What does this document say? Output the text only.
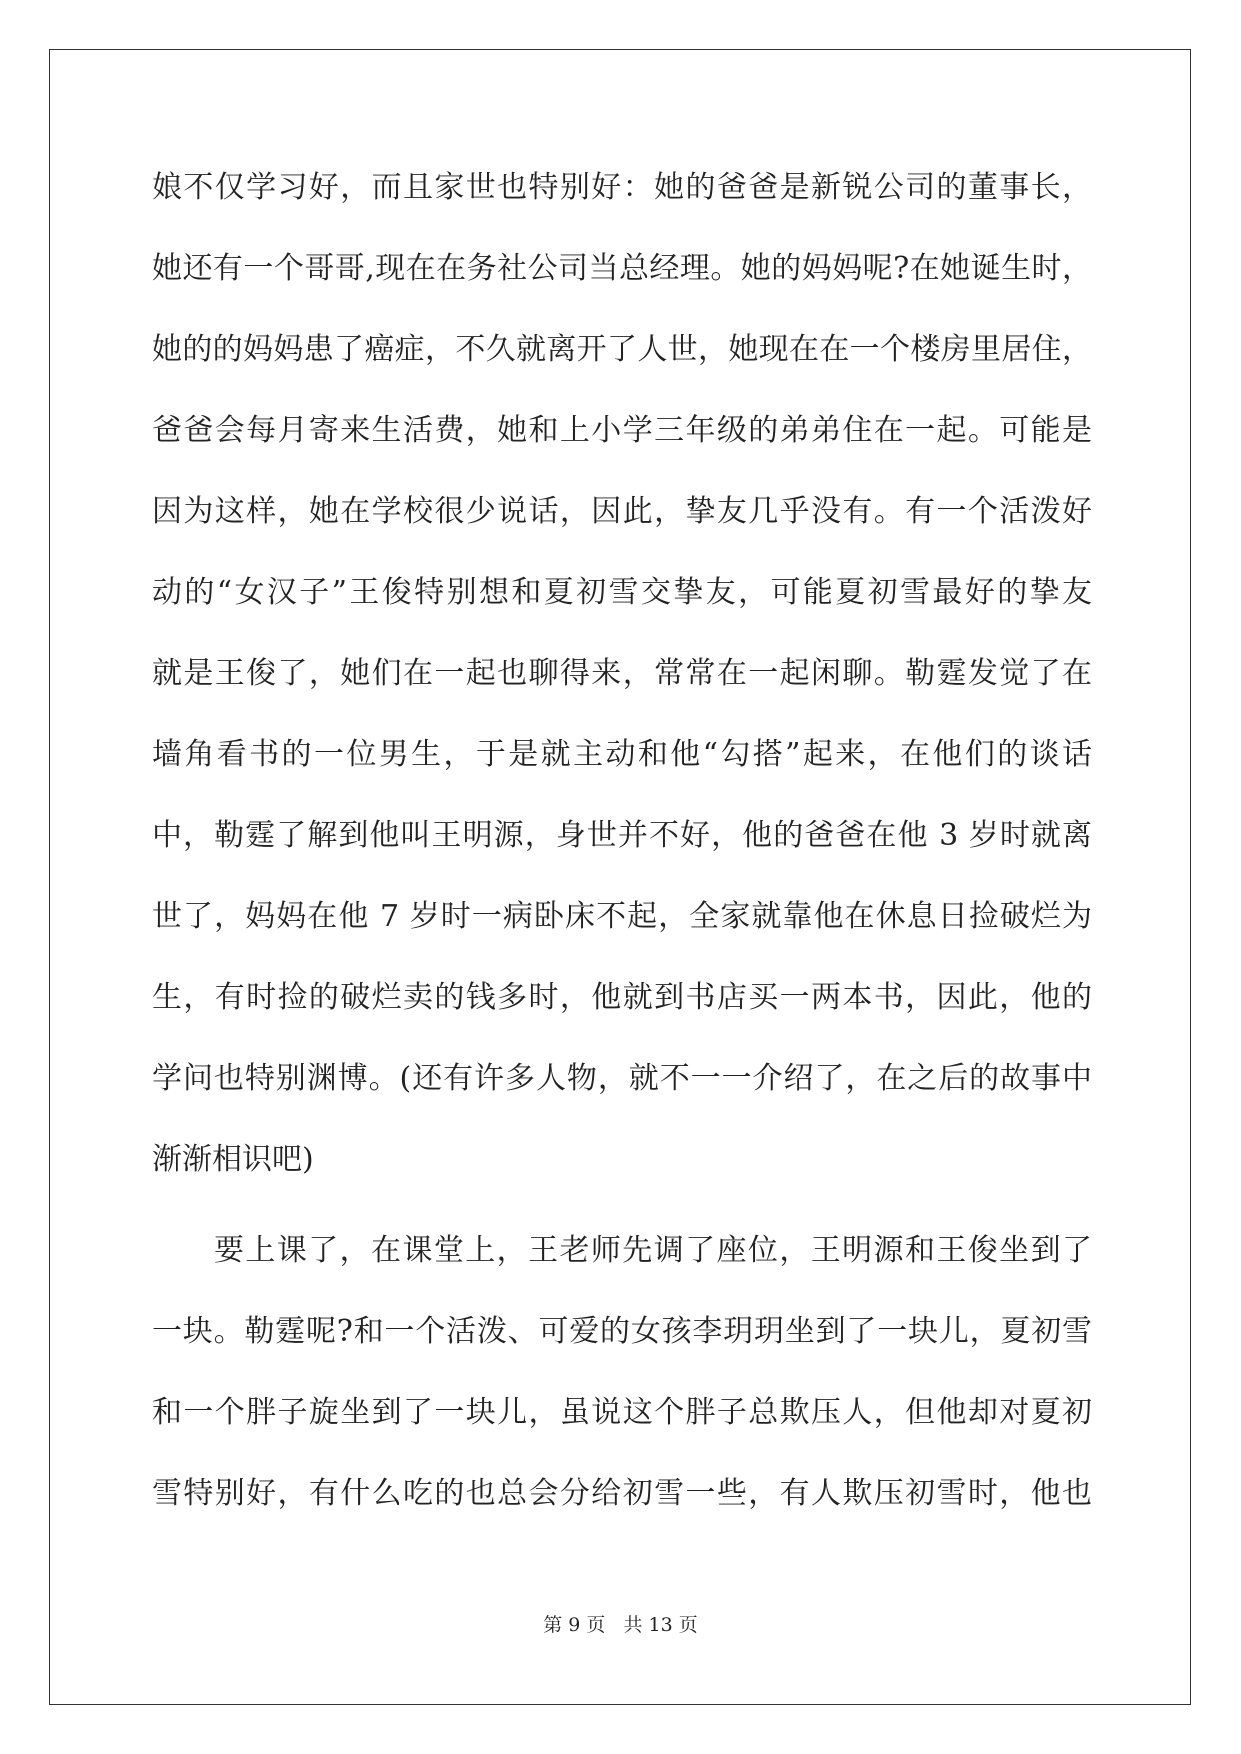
娘不仅学习好，而且家世也特别好：她的爸爸是新锐公司的董事长，
她还有一个哥哥,现在在务社公司当总经理。她的妈妈呢?在她诞生时，
她的的妈妈患了癌症，不久就离开了人世，她现在在一个楼房里居住，
爸爸会每月寄来生活费，她和上小学三年级的弟弟住在一起。可能是
因为这样，她在学校很少说话，因此，挚友几乎没有。有一个活泼好
动的“女汉子”王俊特别想和夏初雪交挚友，可能夏初雪最好的挚友
就是王俊了，她们在一起也聊得来，常常在一起闲聊。勒霆发觉了在
墙角看书的一位男生，于是就主动和他“勾搭”起来，在他们的谈话
中，勒霆了解到他叫王明源，身世并不好，他的爸爸在他 3 岁时就离
世了，妈妈在他 7 岁时一病卧床不起，全家就靠他在休息日捡破烂为
生，有时捡的破烂卖的钱多时，他就到书店买一两本书，因此，他的
学问也特别渊博。(还有许多人物，就不一一介绍了，在之后的故事中
渐渐相识吧)
要上课了，在课堂上，王老师先调了座位，王明源和王俊坐到了
一块。勒霆呢?和一个活泼、可爱的女孩李玥玥坐到了一块儿，夏初雪
和一个胖子旋坐到了一块儿，虽说这个胖子总欺压人，但他却对夏初
雪特别好，有什么吃的也总会分给初雪一些，有人欺压初雪时，他也
第 9 页 共 13 页
